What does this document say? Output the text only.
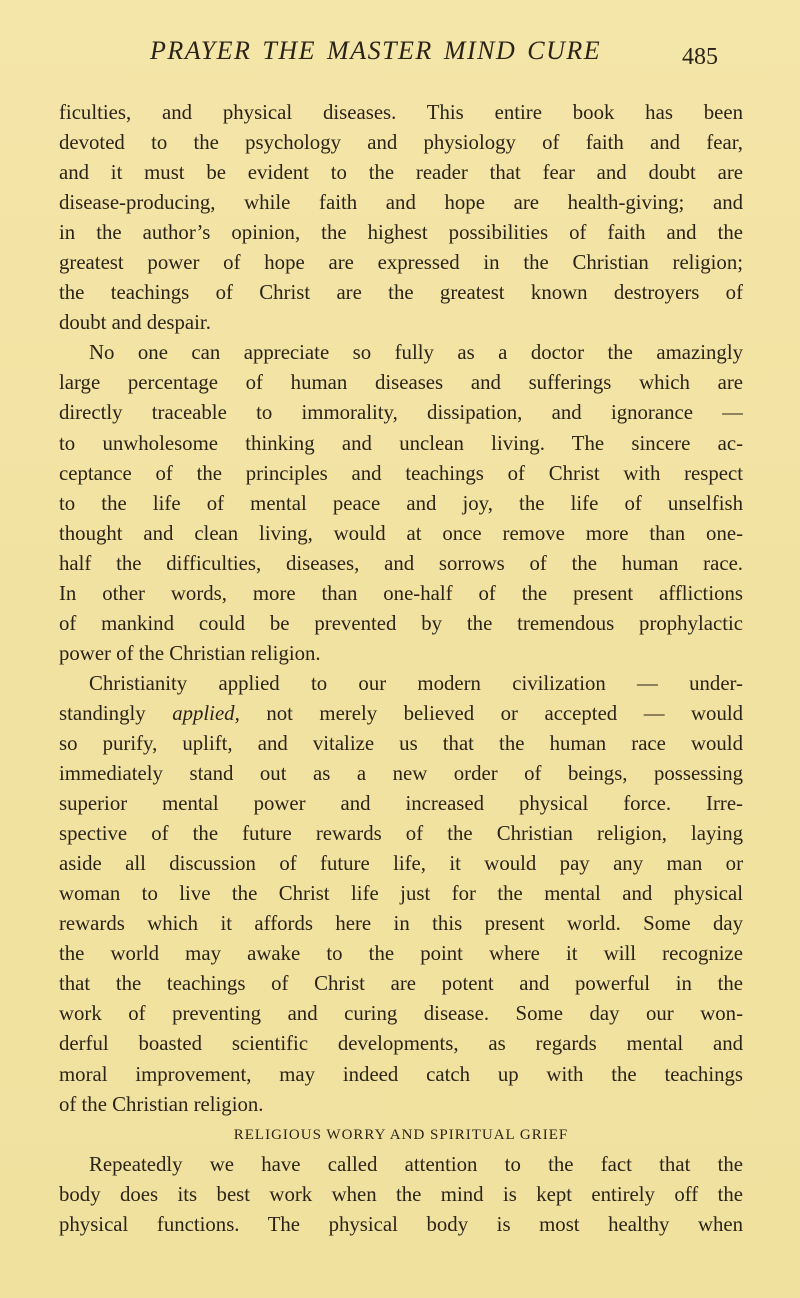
PRAYER THE MASTER MIND CURE	485
ficulties, and physical diseases. This entire book has been
devoted to the psychology and physiology of faith and fear,
and it must be evident to the reader that fear and doubt are
disease-producing, while faith and hope are health-giving; and
in the author’s opinion, the highest possibilities of faith and the
greatest power of hope are expressed in the Christian religion;
the teachings of Christ are the greatest known destroyers of
doubt and despair.
No one can appreciate so fully as a doctor the amazingly
large percentage of human diseases and sufferings which are
directly traceable to immorality, dissipation, and ignorance —
to unwholesome thinking and unclean living. The sincere ac-
ceptance of the principles and teachings of Christ with respect
to the life of mental peace and joy, the life of unselfish
thought and clean living, would at once remove more than one-
half the difficulties, diseases, and sorrows of the human race.
In other words, more than one-half of the present afflictions
of mankind could be prevented by the tremendous prophylactic
power of the Christian religion.
Christianity applied to our modern civilization — under-
standingly applied, not merely believed or accepted — would
so purify, uplift, and vitalize us that the human race would
immediately stand out as a new order of beings, possessing
superior mental power and increased physical force. Irre-
spective of the future rewards of the Christian religion, laying
aside all discussion of future life, it would pay any man or
woman to live the Christ life just for the mental and physical
rewards which it affords here in this present world. Some day
the world may awake to the point where it will recognize
that the teachings of Christ are potent and powerful in the
work of preventing and curing disease. Some day our won-
derful boasted scientific developments, as regards mental and
moral improvement, may indeed catch up with the teachings
of the Christian religion.
RELIGIOUS WORRY AND SPIRITUAL GRIEF
Repeatedly we have called attention to the fact that the
body does its best work when the mind is kept entirely off the
physical functions. The physical body is most healthy when
